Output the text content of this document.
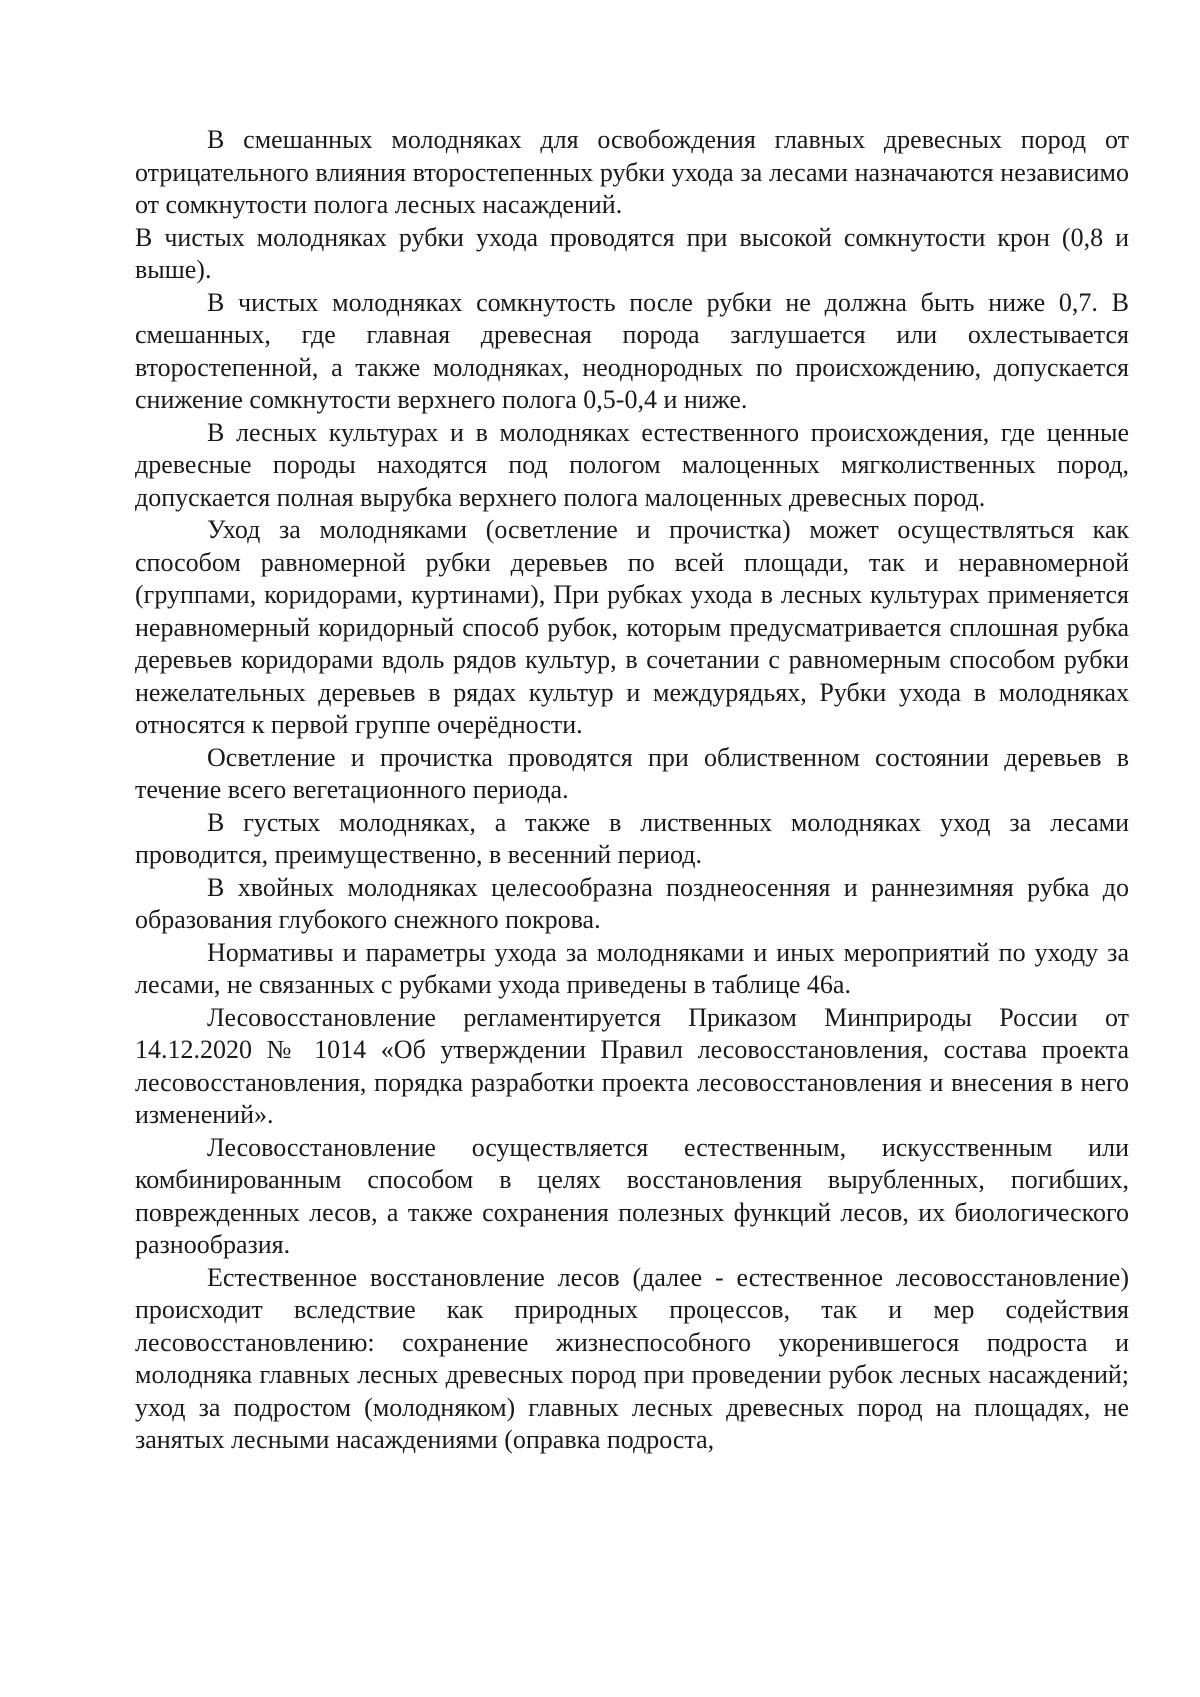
В смешанных молодняках для освобождения главных древесных пород от отрицательного влияния второстепенных рубки ухода за лесами назначаются независимо от сомкнутости полога лесных насаждений.

В чистых молодняках рубки ухода проводятся при высокой сомкнутости крон (0,8 и выше).

В чистых молодняках сомкнутость после рубки не должна быть ниже 0,7. В смешанных, где главная древесная порода заглушается или охлестывается второстепенной, а также молодняках, неоднородных по происхождению, допускается снижение сомкнутости верхнего полога 0,5-0,4 и ниже.

В лесных культурах и в молодняках естественного происхождения, где ценные древесные породы находятся под пологом малоценных мягколиственных пород, допускается полная вырубка верхнего полога малоценных древесных пород.

Уход за молодняками (осветление и прочистка) может осуществляться как способом равномерной рубки деревьев по всей площади, так и неравномерной (группами, коридорами, куртинами), При рубках ухода в лесных культурах применяется неравномерный коридорный способ рубок, которым предусматривается сплошная рубка деревьев коридорами вдоль рядов культур, в сочетании с равномерным способом рубки нежелательных деревьев в рядах культур и междурядьях, Рубки ухода в молодняках относятся к первой группе очерёдности.

Осветление и прочистка проводятся при облиственном состоянии деревьев в течение всего вегетационного периода.

В густых молодняках, а также в лиственных молодняках уход за лесами проводится, преимущественно, в весенний период.

В хвойных молодняках целесообразна позднеосенняя и раннезимняя рубка до образования глубокого снежного покрова.

Нормативы и параметры ухода за молодняками и иных мероприятий по уходу за лесами, не связанных с рубками ухода приведены в таблице 46а.

Лесовосстановление регламентируется Приказом Минприроды России от 14.12.2020 № 1014 «Об утверждении Правил лесовосстановления, состава проекта лесовосстановления, порядка разработки проекта лесовосстановления и внесения в него изменений».

Лесовосстановление осуществляется естественным, искусственным или комбинированным способом в целях восстановления вырубленных, погибших, поврежденных лесов, а также сохранения полезных функций лесов, их биологического разнообразия.

Естественное восстановление лесов (далее - естественное лесовосстановление) происходит вследствие как природных процессов, так и мер содействия лесовосстановлению: сохранение жизнеспособного укоренившегося подроста и молодняка главных лесных древесных пород при проведении рубок лесных насаждений; уход за подростом (молодняком) главных лесных древесных пород на площадях, не занятых лесными насаждениями (оправка подроста,
